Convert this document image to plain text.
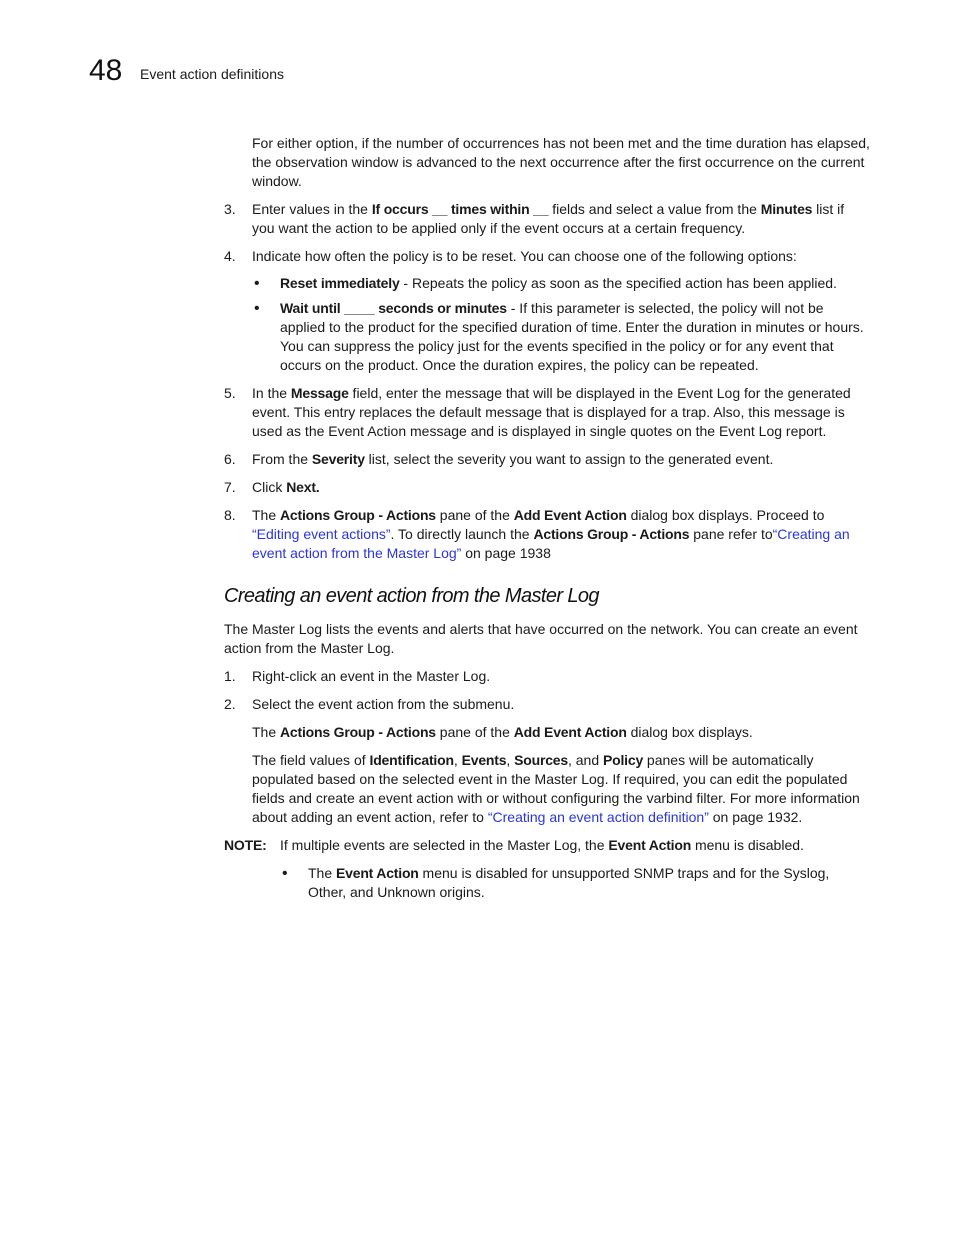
48 Event action definitions

For either option, if the number of occurrences has not been met and the time duration has elapsed, the observation window is advanced to the next occurrence after the first occurrence on the current window.

3. Enter values in the If occurs __ times within __ fields and select a value from the Minutes list if you want the action to be applied only if the event occurs at a certain frequency.
4. Indicate how often the policy is to be reset. You can choose one of the following options:
• Reset immediately - Repeats the policy as soon as the specified action has been applied.
• Wait until ____ seconds or minutes - If this parameter is selected, the policy will not be applied to the product for the specified duration of time. Enter the duration in minutes or hours. You can suppress the policy just for the events specified in the policy or for any event that occurs on the product. Once the duration expires, the policy can be repeated.
5. In the Message field, enter the message that will be displayed in the Event Log for the generated event. This entry replaces the default message that is displayed for a trap. Also, this message is used as the Event Action message and is displayed in single quotes on the Event Log report.
6. From the Severity list, select the severity you want to assign to the generated event.
7. Click Next.
8. The Actions Group - Actions pane of the Add Event Action dialog box displays. Proceed to “Editing event actions”. To directly launch the Actions Group - Actions pane refer to“Creating an event action from the Master Log” on page 1938
Creating an event action from the Master Log

The Master Log lists the events and alerts that have occurred on the network. You can create an event action from the Master Log.

1. Right-click an event in the Master Log.
2. Select the event action from the submenu.

The Actions Group - Actions pane of the Add Event Action dialog box displays.

The field values of Identification, Events, Sources, and Policy panes will be automatically populated based on the selected event in the Master Log. If required, you can edit the populated fields and create an event action with or without configuring the varbind filter. For more information about adding an event action, refer to “Creating an event action definition” on page 1932.

NOTE: If multiple events are selected in the Master Log, the Event Action menu is disabled.
• The Event Action menu is disabled for unsupported SNMP traps and for the Syslog, Other, and Unknown origins.
